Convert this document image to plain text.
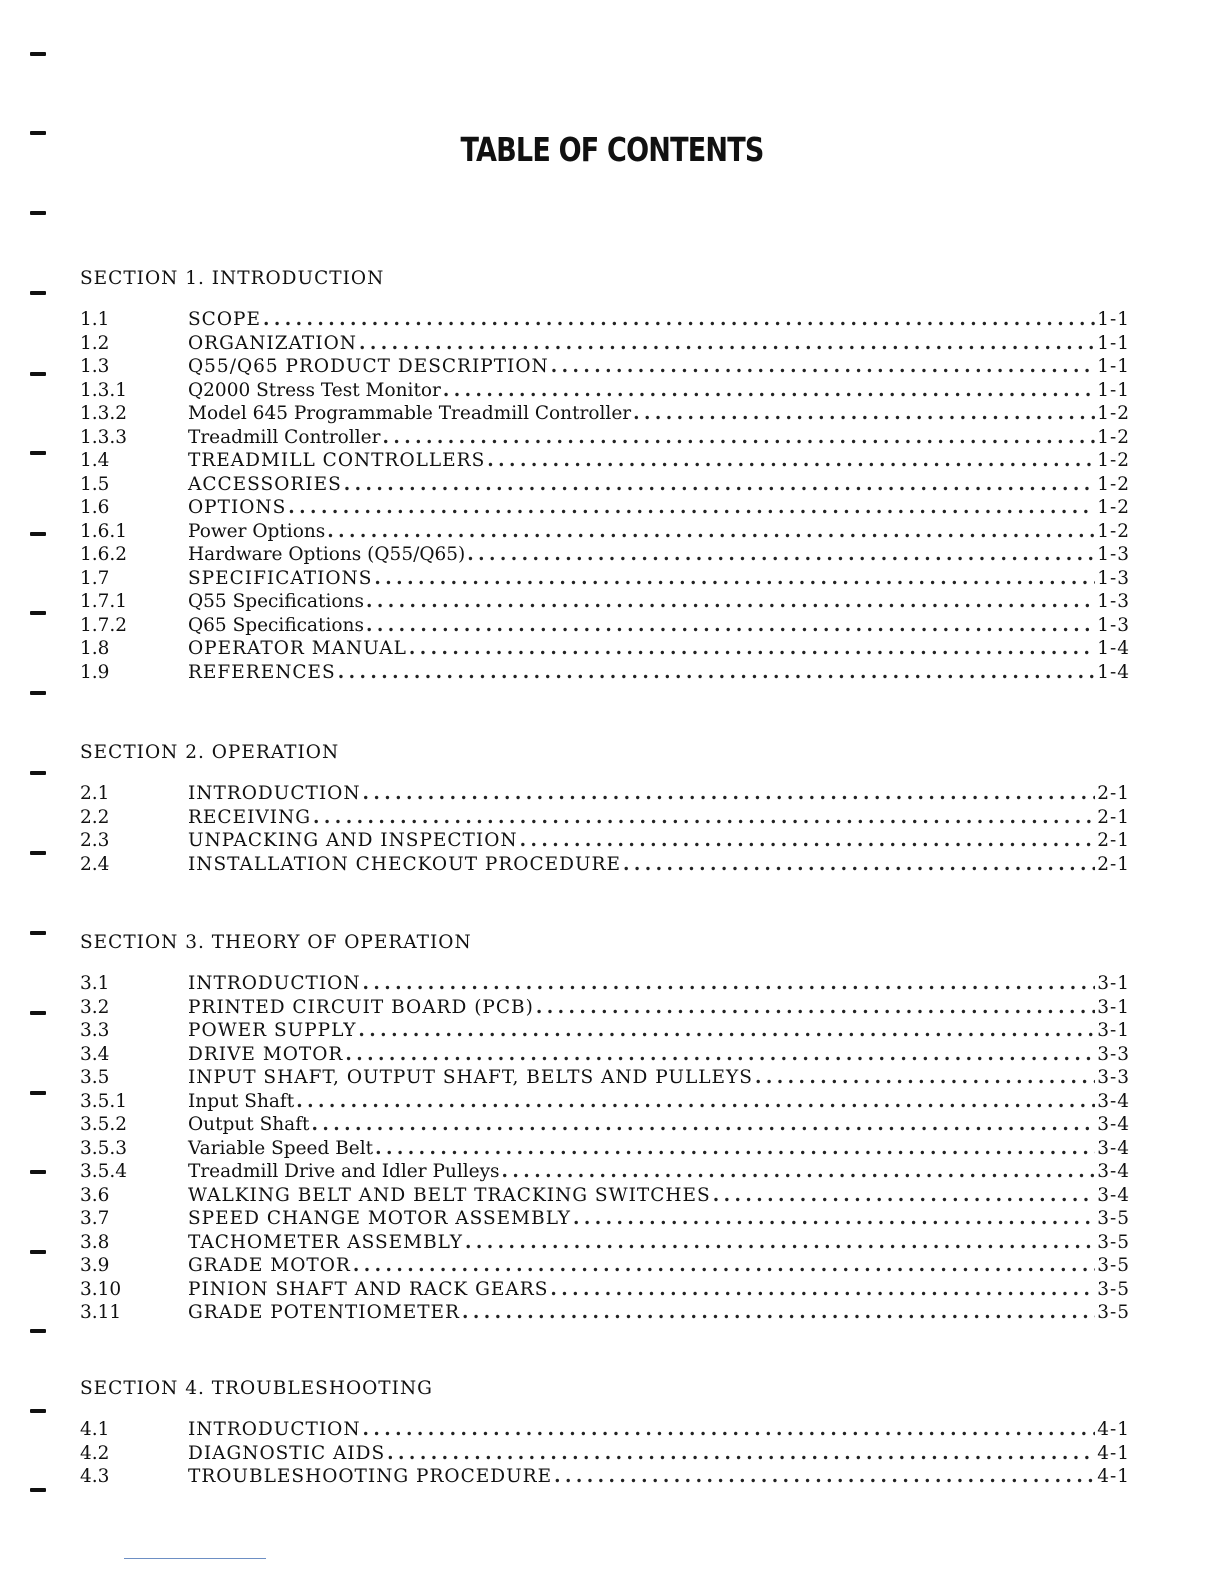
TABLE OF CONTENTS
SECTION 1. INTRODUCTION
1.1	SCOPE . . .	1-1
1.2	ORGANIZATION . . .	1-1
1.3	Q55/Q65 PRODUCT DESCRIPTION . . .	1-1
1.3.1	Q2000 Stress Test Monitor . . .	1-1
1.3.2	Model 645 Programmable Treadmill Controller . . .	1-2
1.3.3	Treadmill Controller . . .	1-2
1.4	TREADMILL CONTROLLERS . . .	1-2
1.5	ACCESSORIES . . .	1-2
1.6	OPTIONS . . .	1-2
1.6.1	Power Options . . .	1-2
1.6.2	Hardware Options (Q55/Q65) . . .	1-3
1.7	SPECIFICATIONS . . .	1-3
1.7.1	Q55 Specifications . . .	1-3
1.7.2	Q65 Specifications . . .	1-3
1.8	OPERATOR MANUAL . . .	1-4
1.9	REFERENCES . . .	1-4
SECTION 2. OPERATION
2.1	INTRODUCTION . . .	2-1
2.2	RECEIVING . . .	2-1
2.3	UNPACKING AND INSPECTION . . .	2-1
2.4	INSTALLATION CHECKOUT PROCEDURE . . .	2-1
SECTION 3. THEORY OF OPERATION
3.1	INTRODUCTION . . .	3-1
3.2	PRINTED CIRCUIT BOARD (PCB) . . .	3-1
3.3	POWER SUPPLY . . .	3-1
3.4	DRIVE MOTOR . . .	3-3
3.5	INPUT SHAFT, OUTPUT SHAFT, BELTS AND PULLEYS . . .	3-3
3.5.1	Input Shaft . . .	3-4
3.5.2	Output Shaft . . .	3-4
3.5.3	Variable Speed Belt . . .	3-4
3.5.4	Treadmill Drive and Idler Pulleys . . .	3-4
3.6	WALKING BELT AND BELT TRACKING SWITCHES . . .	3-4
3.7	SPEED CHANGE MOTOR ASSEMBLY . . .	3-5
3.8	TACHOMETER ASSEMBLY . . .	3-5
3.9	GRADE MOTOR . . .	3-5
3.10	PINION SHAFT AND RACK GEARS . . .	3-5
3.11	GRADE POTENTIOMETER . . .	3-5
SECTION 4. TROUBLESHOOTING
4.1	INTRODUCTION . . .	4-1
4.2	DIAGNOSTIC AIDS . . .	4-1
4.3	TROUBLESHOOTING PROCEDURE . . .	4-1
